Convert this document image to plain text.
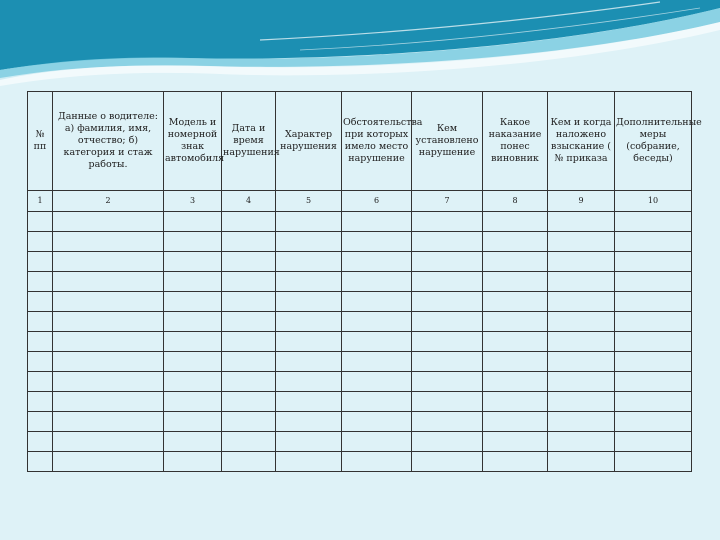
№ пп	Данные о водителе: а) фамилия, имя, отчество; б) категория и стаж работы.	Модель и номерной знак автомобиля	Дата и время нарушения	Характер нарушения	Обстоятельства при которых имело место нарушение	Кем установлено нарушение	Какое наказание понес виновник	Кем и когда наложено взыскание ( № приказа	Дополнительные меры (собрание, беседы)
1	2	3	4	5	6	7	8	9	10
